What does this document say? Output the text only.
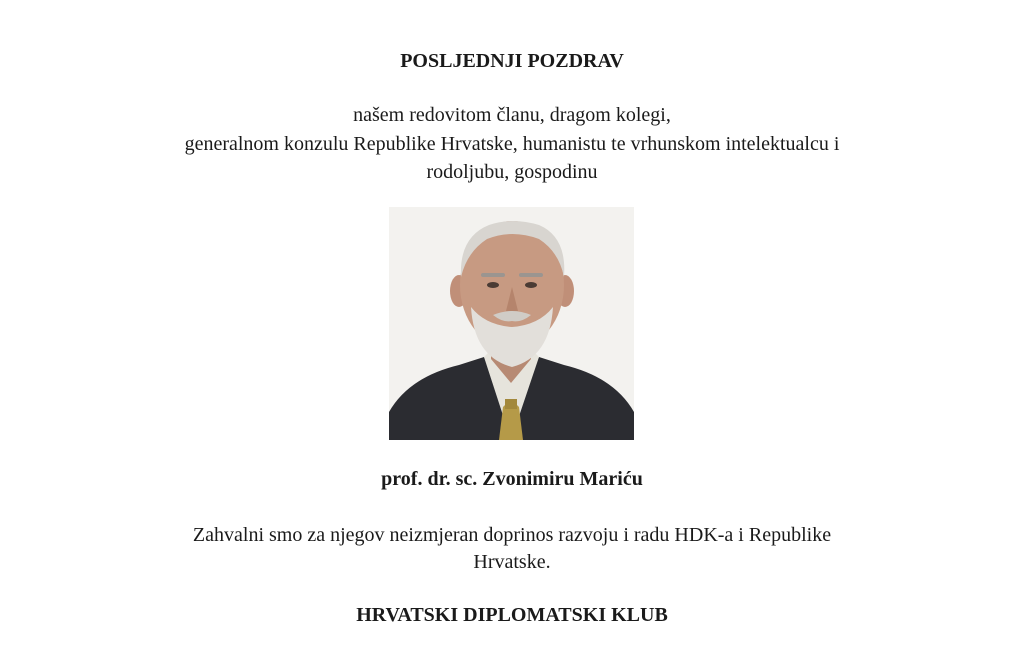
POSLJEDNJI POZDRAV
našem redovitom članu, dragom kolegi,
generalnom konzulu Republike Hrvatske, humanistu te vrhunskom intelektualcu i
rodoljubu, gospodinu
prof. dr. sc. Zvonimiru Mariću
Zahvalni smo za njegov neizmjeran doprinos razvoju i radu HDK-a i Republike
Hrvatske.
HRVATSKI DIPLOMATSKI KLUB
